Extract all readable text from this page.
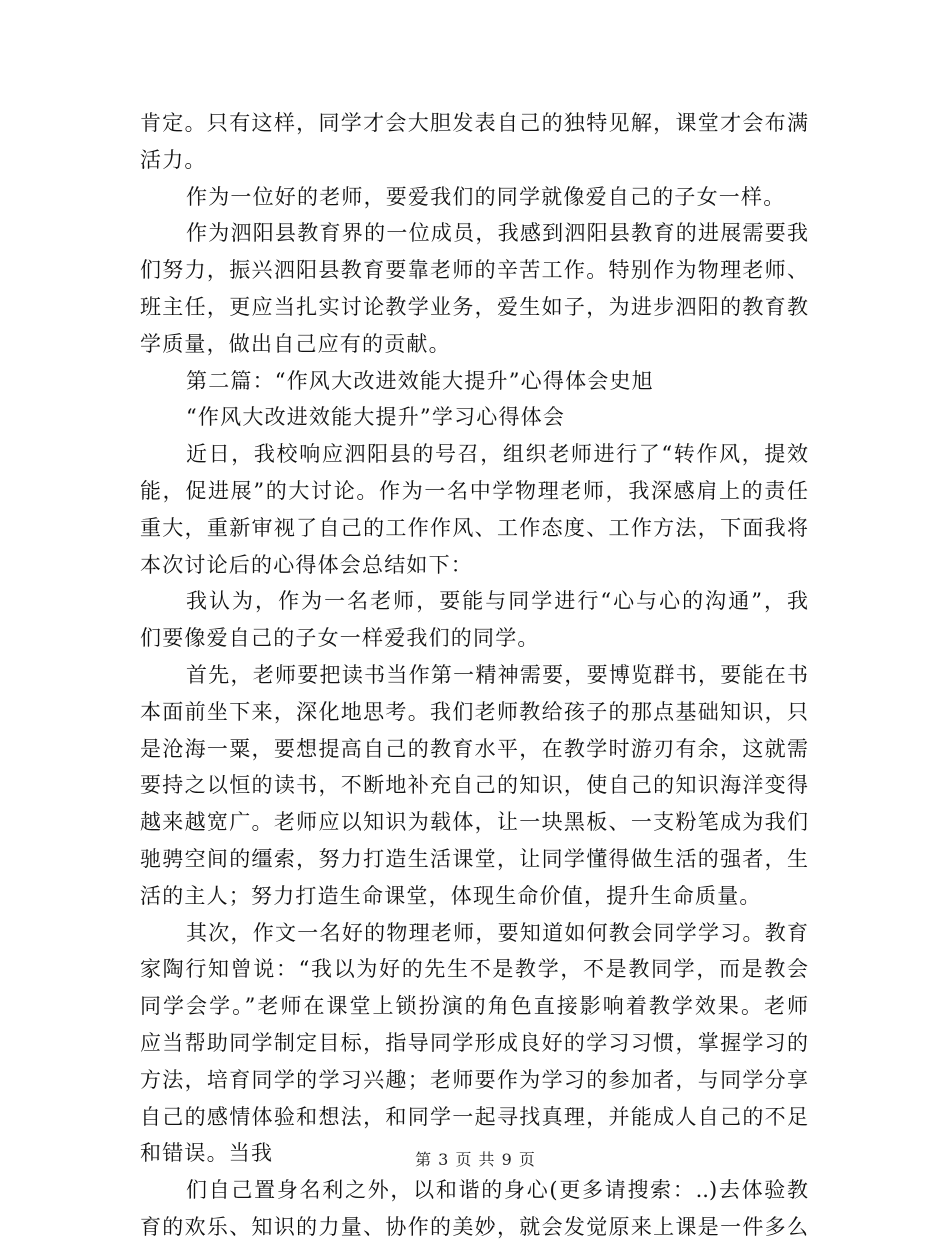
肯定。只有这样，同学才会大胆发表自己的独特见解，课堂才会布满
活力。
作为一位好的老师，要爱我们的同学就像爱自己的子女一样。
作为泗阳县教育界的一位成员，我感到泗阳县教育的进展需要我
们努力，振兴泗阳县教育要靠老师的辛苦工作。特别作为物理老师、
班主任，更应当扎实讨论教学业务，爱生如子，为进步泗阳的教育教
学质量，做出自己应有的贡献。
第二篇：“作风大改进效能大提升”心得体会史旭
“作风大改进效能大提升”学习心得体会
近日，我校响应泗阳县的号召，组织老师进行了“转作风，提效
能，促进展”的大讨论。作为一名中学物理老师，我深感肩上的责任
重大，重新审视了自己的工作作风、工作态度、工作方法，下面我将
本次讨论后的心得体会总结如下：
我认为，作为一名老师，要能与同学进行“心与心的沟通”，我
们要像爱自己的子女一样爱我们的同学。
首先，老师要把读书当作第一精神需要，要博览群书，要能在书
本面前坐下来，深化地思考。我们老师教给孩子的那点基础知识，只
是沧海一粟，要想提高自己的教育水平，在教学时游刃有余，这就需
要持之以恒的读书，不断地补充自己的知识，使自己的知识海洋变得
越来越宽广。老师应以知识为载体，让一块黑板、一支粉笔成为我们
驰骋空间的缰索，努力打造生活课堂，让同学懂得做生活的强者，生
活的主人；努力打造生命课堂，体现生命价值，提升生命质量。
其次，作文一名好的物理老师，要知道如何教会同学学习。教育
家陶行知曾说：“我以为好的先生不是教学，不是教同学，而是教会
同学会学。”老师在课堂上锁扮演的角色直接影响着教学效果。老师
应当帮助同学制定目标，指导同学形成良好的学习习惯，掌握学习的
方法，培育同学的学习兴趣；老师要作为学习的参加者，与同学分享
自己的感情体验和想法，和同学一起寻找真理，并能成人自己的不足
和错误。当我
们自己置身名利之外，以和谐的身心(更多请搜索：..)去体验教
育的欢乐、知识的力量、协作的美妙，就会发觉原来上课是一件多么
第 3 页 共 9 页
